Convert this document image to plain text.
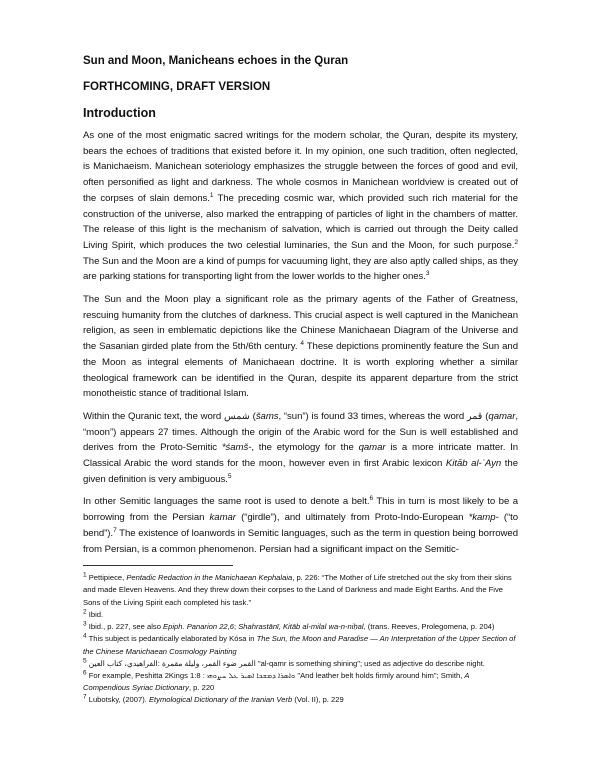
Sun and Moon, Manicheans echoes in the Quran
FORTHCOMING, DRAFT VERSION
Introduction

As one of the most enigmatic sacred writings for the modern scholar, the Quran, despite its mystery, bears the echoes of traditions that existed before it. In my opinion, one such tradition, often neglected, is Manichaeism. Manichean soteriology emphasizes the struggle between the forces of good and evil, often personified as light and darkness. The whole cosmos in Manichean worldview is created out of the corpses of slain demons.$^1$ The preceding cosmic war, which provided such rich material for the construction of the universe, also marked the entrapping of particles of light in the chambers of matter. The release of this light is the mechanism of salvation, which is carried out through the Deity called Living Spirit, which produces the two celestial luminaries, the Sun and the Moon, for such purpose.$^2$ The Sun and the Moon are a kind of pumps for vacuuming light, they are also aptly called ships, as they are parking stations for transporting light from the lower worlds to the higher ones.$^3$

The Sun and the Moon play a significant role as the primary agents of the Father of Greatness, rescuing humanity from the clutches of darkness. This crucial aspect is well captured in the Manichean religion, as seen in emblematic depictions like the Chinese Manichaean Diagram of the Universe and the Sasanian girded plate from the 5th/6th century. $^4$ These depictions prominently feature the Sun and the Moon as integral elements of Manichaean doctrine. It is worth exploring whether a similar theological framework can be identified in the Quran, despite its apparent departure from the strict monotheistic stance of traditional Islam.

Within the Quranic text, the word شمس (šams, “sun”) is found 33 times, whereas the word قمر (qamar, “moon”) appears 27 times. Although the origin of the Arabic word for the Sun is well established and derives from the Proto-Semitic *śamš-, the etymology for the qamar is a more intricate matter. In Classical Arabic the word stands for the moon, however even in first Arabic lexicon Kitāb al-ʿAyn the given definition is very ambiguous.$^5$

In other Semitic languages the same root is used to denote a belt.$^6$ This in turn is most likely to be a borrowing from the Persian kamar (“girdle”), and ultimately from Proto-Indo-European *kamp- (“to bend”).$^7$ The existence of loanwords in Semitic languages, such as the term in question being borrowed from Persian, is a common phenomenon. Persian had a significant impact on the Semitic-

$^1$ Pettipiece, Pentadic Redaction in the Manichaean Kephalaia, p. 226: “The Mother of Life stretched out the sky from their skins and made Eleven Heavens. And they threw down their corpses to the Land of Darkness and made Eight Earths. And the Five Sons of the Living Spirit each completed his task.”

$^2$ Ibid.

$^3$ Ibid., p. 227, see also Epiph. Panarion 22,6; Shahrastānī, Kitāb al-milal wa-n-niḥal, (trans. Reeves, Prolegomena, p. 204)

$^4$ This subject is pedantically elaborated by Kósa in The Sun, the Moon and Paradise — An Interpretation of the Upper Section of the Chinese Manichaean Cosmology Painting

$^5$ القمر ضوء القمر، وليلة مقمرة :الفراهيدي، كتاب العين "al-qamr is something shining"; used as adjective do describe night.

$^6$ For example, Peshitta 2Kings 1:8 : ܘܐܣܪܐ ܕܡܫܟܐ ܐܣܝܪ ܥܠ ܚܨܘܗܝ "And leather belt holds firmly around him"; Smith, A Compendious Syriac Dictionary, p. 220

$^7$ Lubotsky, (2007). Etymological Dictionary of the Iranian Verb (Vol. II), p. 229
